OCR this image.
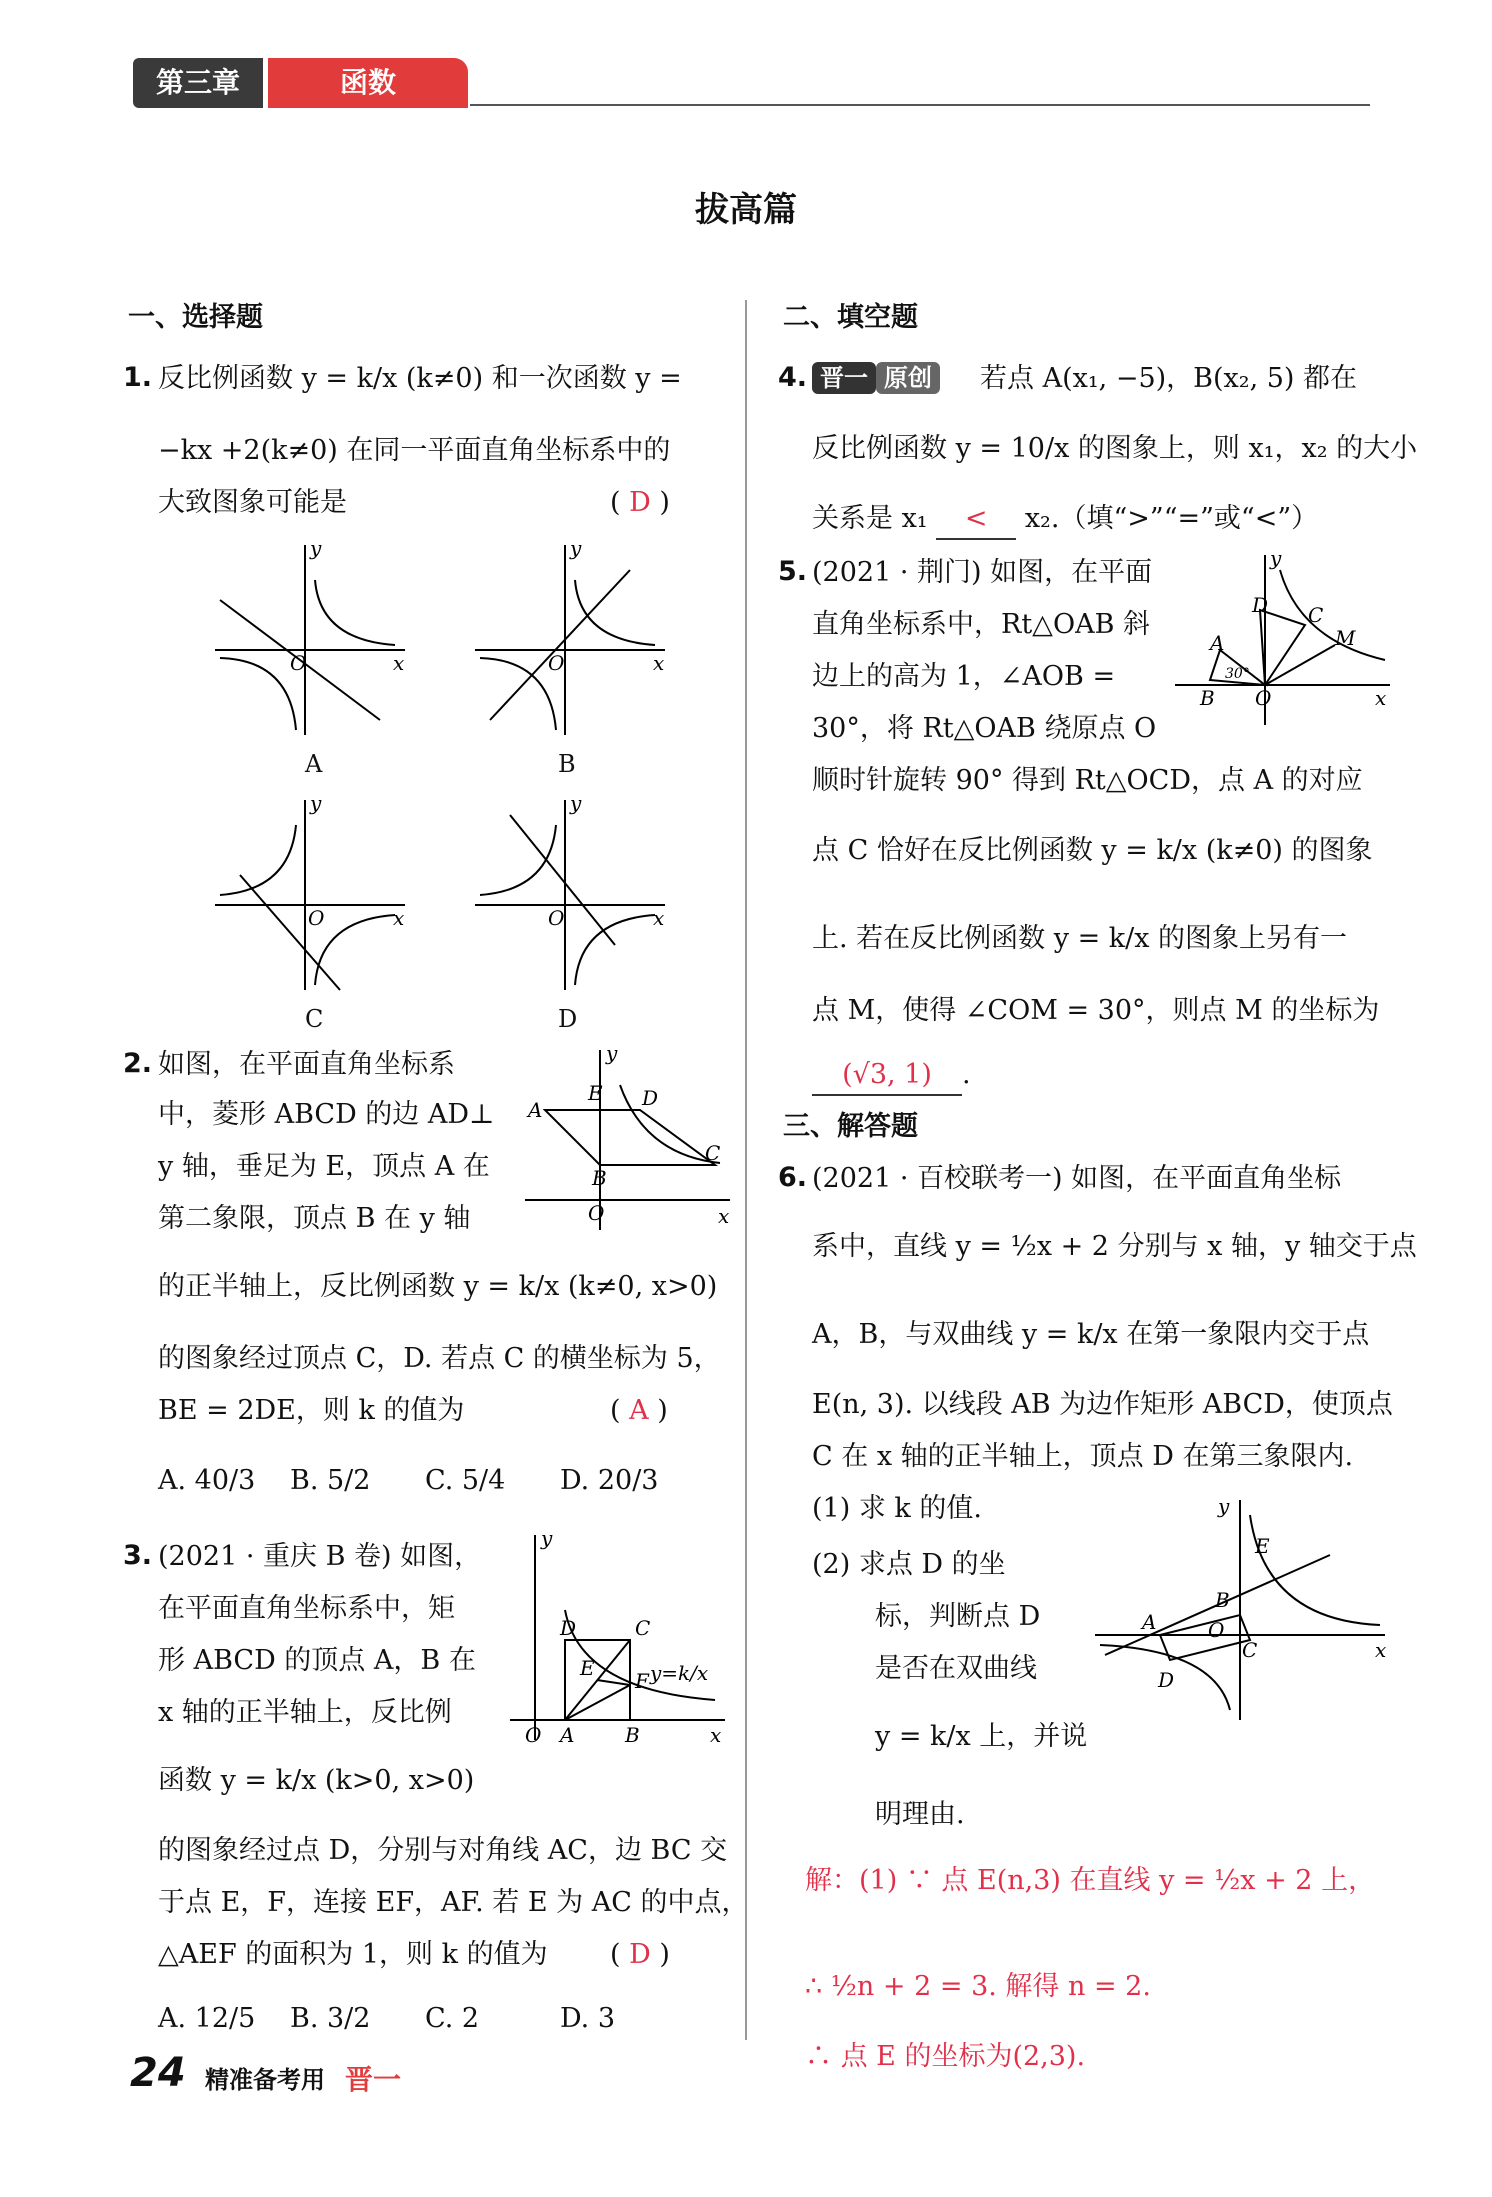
第三章	函数
拔高篇
一、选择题
1. 反比例函数 y = k/x (k≠0) 和一次函数 y =
−kx +2(k≠0) 在同一平面直角坐标系中的
大致图象可能是	( D )
y
x
O
A
y
x
O
B
y
x
O
C
y
x
O
D
2. 如图，在平面直角坐标系
中，菱形 ABCD 的边 AD⊥
y 轴，垂足为 E，顶点 A 在
第二象限，顶点 B 在 y 轴
的正半轴上，反比例函数 y = k/x (k≠0, x>0)
的图象经过顶点 C，D. 若点 C 的横坐标为 5，
BE = 2DE，则 k 的值为	( A )
A. 40/3 B. 5/2 C. 5/4 D. 20/3
y
A
E D
C
B
O	x
3. (2021 · 重庆 B 卷) 如图，
在平面直角坐标系中，矩
形 ABCD 的顶点 A，B 在
x 轴的正半轴上，反比例
函数 y = k/x (k>0, x>0)
的图象经过点 D，分别与对角线 AC，边 BC 交
于点 E，F，连接 EF，AF. 若 E 为 AC 的中点，
△AEF 的面积为 1，则 k 的值为 ( D )
A. 12/5 B. 3/2 C. 2	D. 3
y
D	C
E
F y=k/x
O A	B	x
二、填空题
4. 晋一 原创 若点 A(x₁, −5)，B(x₂, 5) 都在
反比例函数 y = 10/x 的图象上，则 x₁，x₂ 的大小
关系是 x₁ < x₂.（填“>”“=”或“<”）
5. (2021 · 荆门) 如图，在平面
直角坐标系中，Rt△OAB 斜
边上的高为 1，∠AOB =
30°，将 Rt△OAB 绕原点 O
顺时针旋转 90° 得到 Rt△OCD，点 A 的对应
点 C 恰好在反比例函数 y = k/x (k≠0) 的图象
上. 若在反比例函数 y = k/x 的图象上另有一
点 M，使得 ∠COM = 30°，则点 M 的坐标为
(√3, 1) .
y
D C
M
A
B
30°
O	x
三、解答题
6. (2021 · 百校联考一) 如图，在平面直角坐标
系中，直线 y = ½x + 2 分别与 x 轴，y 轴交于点
A，B，与双曲线 y = k/x 在第一象限内交于点
E(n, 3). 以线段 AB 为边作矩形 ABCD，使顶点
C 在 x 轴的正半轴上，顶点 D 在第三象限内.
(1) 求 k 的值.
(2) 求点 D 的坐
标，判断点 D
是否在双曲线
y = k/x 上，并说
明理由.
y
E
B
A	O
C
D
x
解：(1) ∵ 点 E(n,3) 在直线 y = ½x + 2 上，
∴ ½n + 2 = 3. 解得 n = 2.
∴ 点 E 的坐标为(2,3).
24 精准备考用 晋一
